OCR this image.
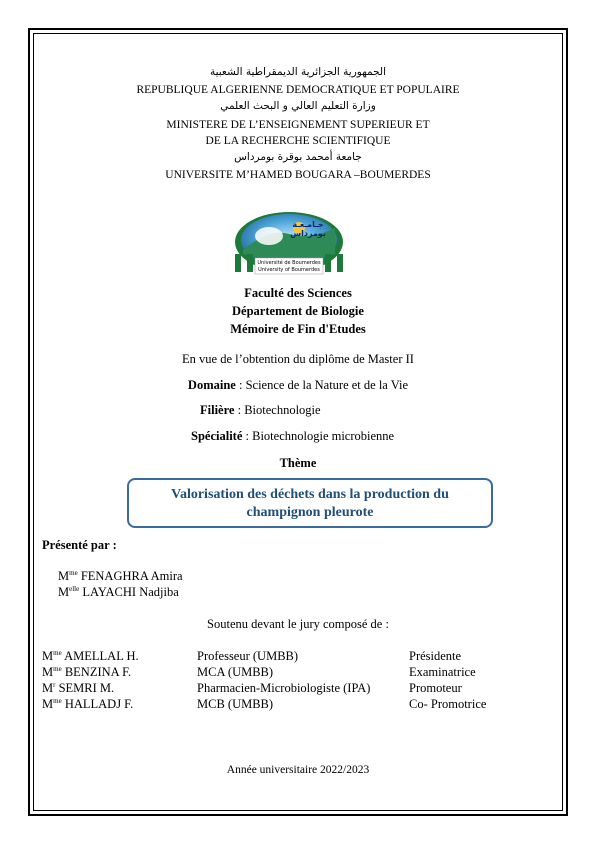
الجمهورية الجزائرية الديمقراطية الشعبية
REPUBLIQUE ALGERIENNE DEMOCRATIQUE ET POPULAIRE
وزارة التعليم العالي و البحث العلمي
MINISTERE DE L’ENSEIGNEMENT SUPERIEUR ET
DE LA RECHERCHE SCIENTIFIQUE
جامعة أمحمد بوقرة بومرداس
UNIVERSITE M’HAMED BOUGARA –BOUMERDES
جـامـعـة بومرداس
Université de Boumerdes
University of Boumerdes
Faculté des Sciences
Département de Biologie
Mémoire de Fin d'Etudes
En vue de l’obtention du diplôme de Master II
Domaine : Science de la Nature et de la Vie
Filière : Biotechnologie
Spécialité : Biotechnologie microbienne
Thème
Valorisation des déchets dans la production du
champignon pleurote
Présenté par :
$M^{me}$ FENAGHRA Amira
$M^{elle}$ LAYACHI Nadjiba
Soutenu devant le jury composé de :
$M^{me}$ AMELLAL H.	Professeur (UMBB)	Présidente
$M^{me}$ BENZINA F.	MCA (UMBB)	Examinatrice
$M^r$ SEMRI M.	Pharmacien-Microbiologiste (IPA)	Promoteur
$M^{me}$ HALLADJ F.	MCB (UMBB)	Co- Promotrice
Année universitaire 2022/2023
